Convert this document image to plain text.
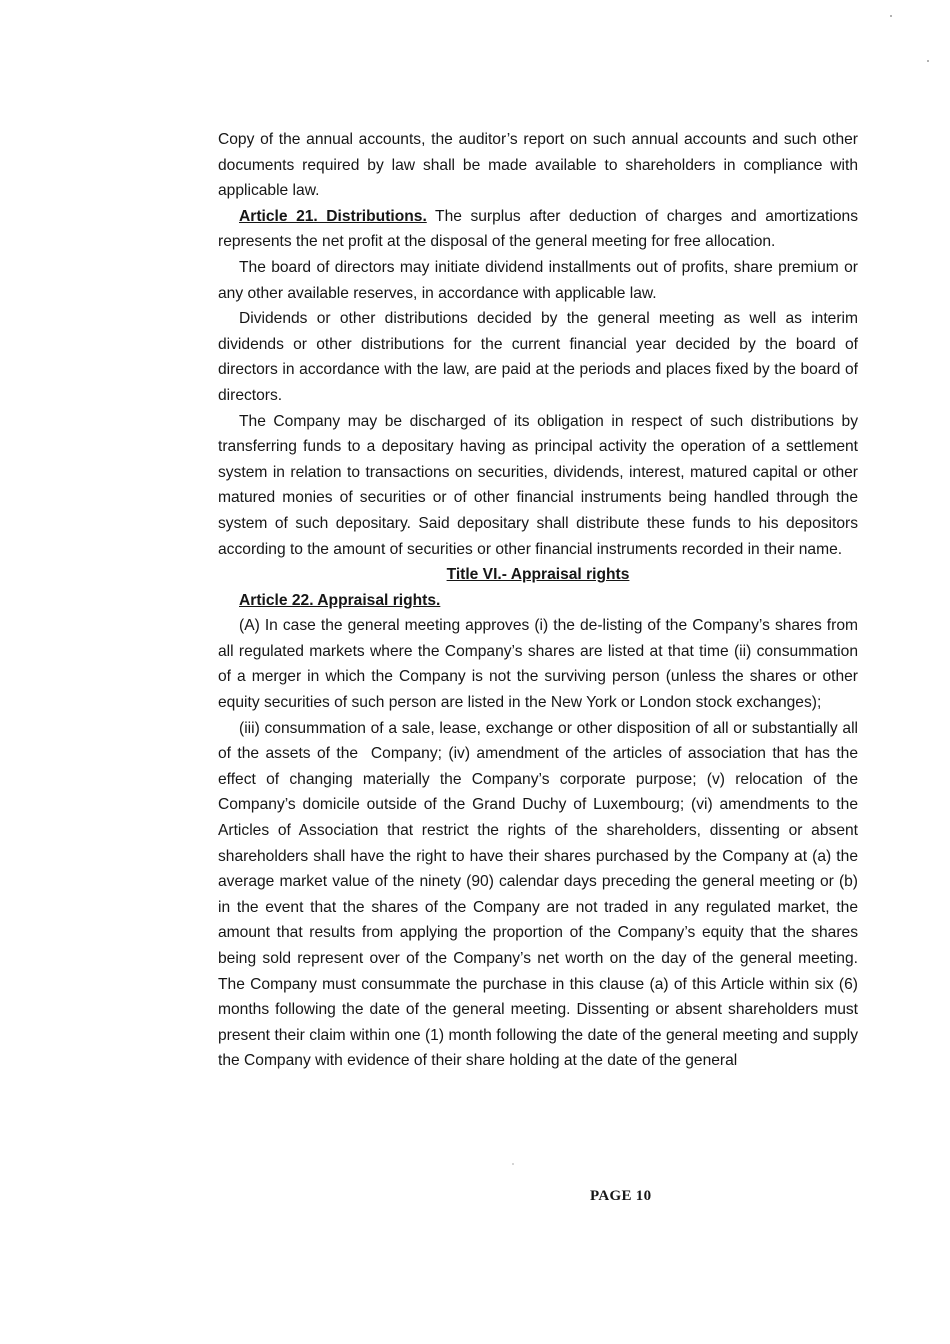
Copy of the annual accounts, the auditor’s report on such annual accounts and such other documents required by law shall be made available to shareholders in compliance with applicable law.

Article 21. Distributions. The surplus after deduction of charges and amortizations represents the net profit at the disposal of the general meeting for free allocation.

The board of directors may initiate dividend installments out of profits, share premium or any other available reserves, in accordance with applicable law.

Dividends or other distributions decided by the general meeting as well as interim dividends or other distributions for the current financial year decided by the board of directors in accordance with the law, are paid at the periods and places fixed by the board of directors.

The Company may be discharged of its obligation in respect of such distributions by transferring funds to a depositary having as principal activity the operation of a settlement system in relation to transactions on securities, dividends, interest, matured capital or other matured monies of securities or of other financial instruments being handled through the system of such depositary. Said depositary shall distribute these funds to his depositors according to the amount of securities or other financial instruments recorded in their name.

Title VI.- Appraisal rights

Article 22. Appraisal rights.

(A) In case the general meeting approves (i) the de-listing of the Company’s shares from all regulated markets where the Company’s shares are listed at that time (ii) consummation of a merger in which the Company is not the surviving person (unless the shares or other equity securities of such person are listed in the New York or London stock exchanges);

(iii) consummation of a sale, lease, exchange or other disposition of all or substantially all of the assets of the  Company; (iv) amendment of the articles of association that has the effect of changing materially the Company’s corporate purpose; (v) relocation of the Company’s domicile outside of the Grand Duchy of Luxembourg; (vi) amendments to the Articles of Association that restrict the rights of the shareholders, dissenting or absent shareholders shall have the right to have their shares purchased by the Company at (a) the average market value of the ninety (90) calendar days preceding the general meeting or (b) in the event that the shares of the Company are not traded in any regulated market, the amount that results from applying the proportion of the Company’s equity that the shares being sold represent over of the Company’s net worth on the day of the general meeting. The Company must consummate the purchase in this clause (a) of this Article within six (6) months following the date of the general meeting. Dissenting or absent shareholders must present their claim within one (1) month following the date of the general meeting and supply the Company with evidence of their share holding at the date of the general

PAGE 10
